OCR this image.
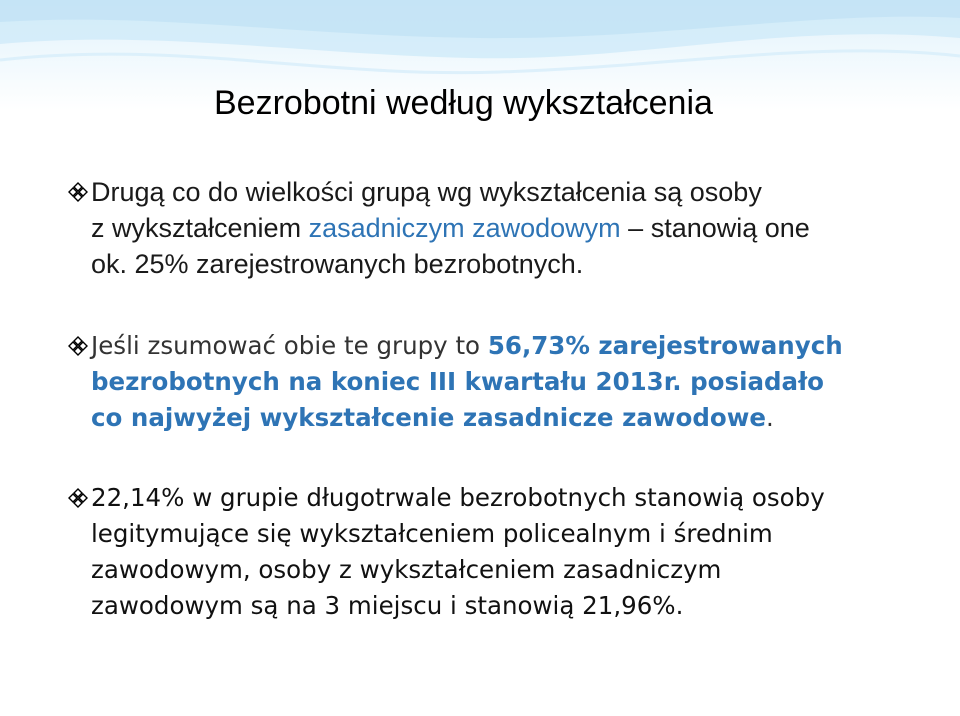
Bezrobotni według wykształcenia
Drugą co do wielkości grupą wg wykształcenia są osoby
z wykształceniem zasadniczym zawodowym – stanowią one
ok. 25% zarejestrowanych bezrobotnych.
Jeśli zsumować obie te grupy to 56,73% zarejestrowanych
bezrobotnych na koniec III kwartału 2013r. posiadało
co najwyżej wykształcenie zasadnicze zawodowe.
22,14% w grupie długotrwale bezrobotnych stanowią osoby
legitymujące się wykształceniem policealnym i średnim
zawodowym, osoby z wykształceniem zasadniczym
zawodowym są na 3 miejscu i stanowią 21,96%.
